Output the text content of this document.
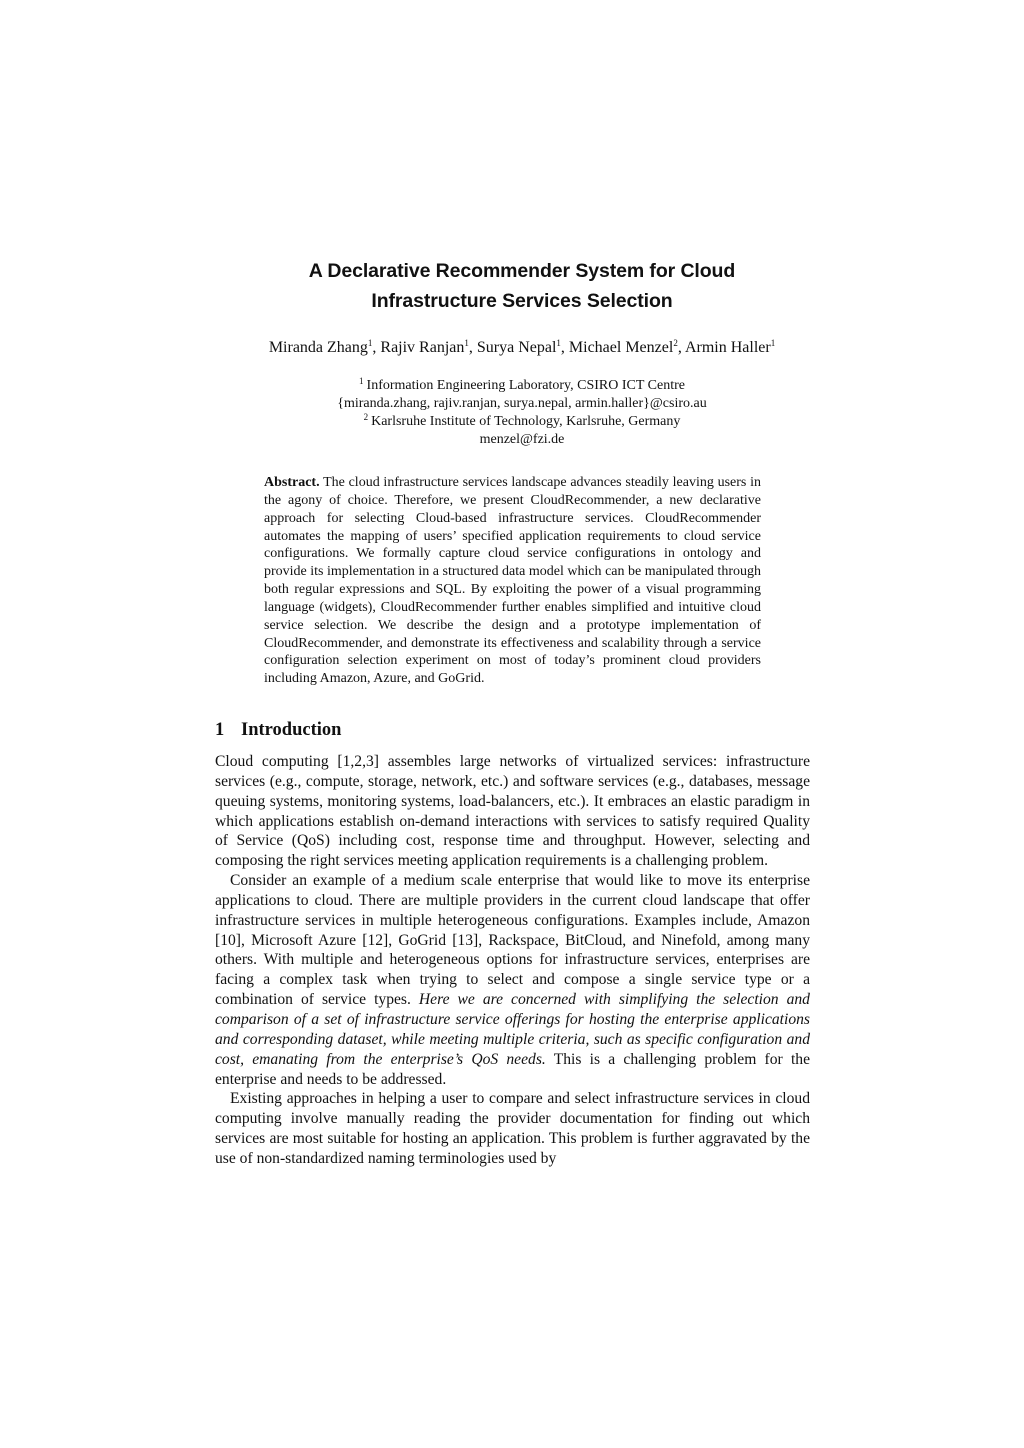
A Declarative Recommender System for Cloud
Infrastructure Services Selection
Miranda Zhang$^1$, Rajiv Ranjan$^1$, Surya Nepal$^1$, Michael Menzel$^2$, Armin Haller$^1$
$^1$ Information Engineering Laboratory, CSIRO ICT Centre
{miranda.zhang, rajiv.ranjan, surya.nepal, armin.haller}@csiro.au
$^2$ Karlsruhe Institute of Technology, Karlsruhe, Germany
menzel@fzi.de
Abstract. The cloud infrastructure services landscape advances steadily leaving users in the agony of choice. Therefore, we present CloudRecommender, a new declarative approach for selecting Cloud-based infrastructure services. CloudRecommender automates the mapping of users’ specified application requirements to cloud service configurations. We formally capture cloud service configurations in ontology and provide its implementation in a structured data model which can be manipulated through both regular expressions and SQL. By exploiting the power of a visual programming language (widgets), CloudRecommender further enables simplified and intuitive cloud service selection. We describe the design and a prototype implementation of CloudRecommender, and demonstrate its effectiveness and scalability through a service configuration selection experiment on most of today’s prominent cloud providers including Amazon, Azure, and GoGrid.
1 Introduction

Cloud computing [1,2,3] assembles large networks of virtualized services: infrastructure services (e.g., compute, storage, network, etc.) and software services (e.g., databases, message queuing systems, monitoring systems, load-balancers, etc.). It embraces an elastic paradigm in which applications establish on-demand interactions with services to satisfy required Quality of Service (QoS) including cost, response time and throughput. However, selecting and composing the right services meeting application requirements is a challenging problem.

Consider an example of a medium scale enterprise that would like to move its enterprise applications to cloud. There are multiple providers in the current cloud landscape that offer infrastructure services in multiple heterogeneous configurations. Examples include, Amazon [10], Microsoft Azure [12], GoGrid [13], Rackspace, BitCloud, and Ninefold, among many others. With multiple and heterogeneous options for infrastructure services, enterprises are facing a complex task when trying to select and compose a single service type or a combination of service types. Here we are concerned with simplifying the selection and comparison of a set of infrastructure service offerings for hosting the enterprise applications and corresponding dataset, while meeting multiple criteria, such as specific configuration and cost, emanating from the enterprise’s QoS needs. This is a challenging problem for the enterprise and needs to be addressed.

Existing approaches in helping a user to compare and select infrastructure services in cloud computing involve manually reading the provider documentation for finding out which services are most suitable for hosting an application. This problem is further aggravated by the use of non-standardized naming terminologies used by
